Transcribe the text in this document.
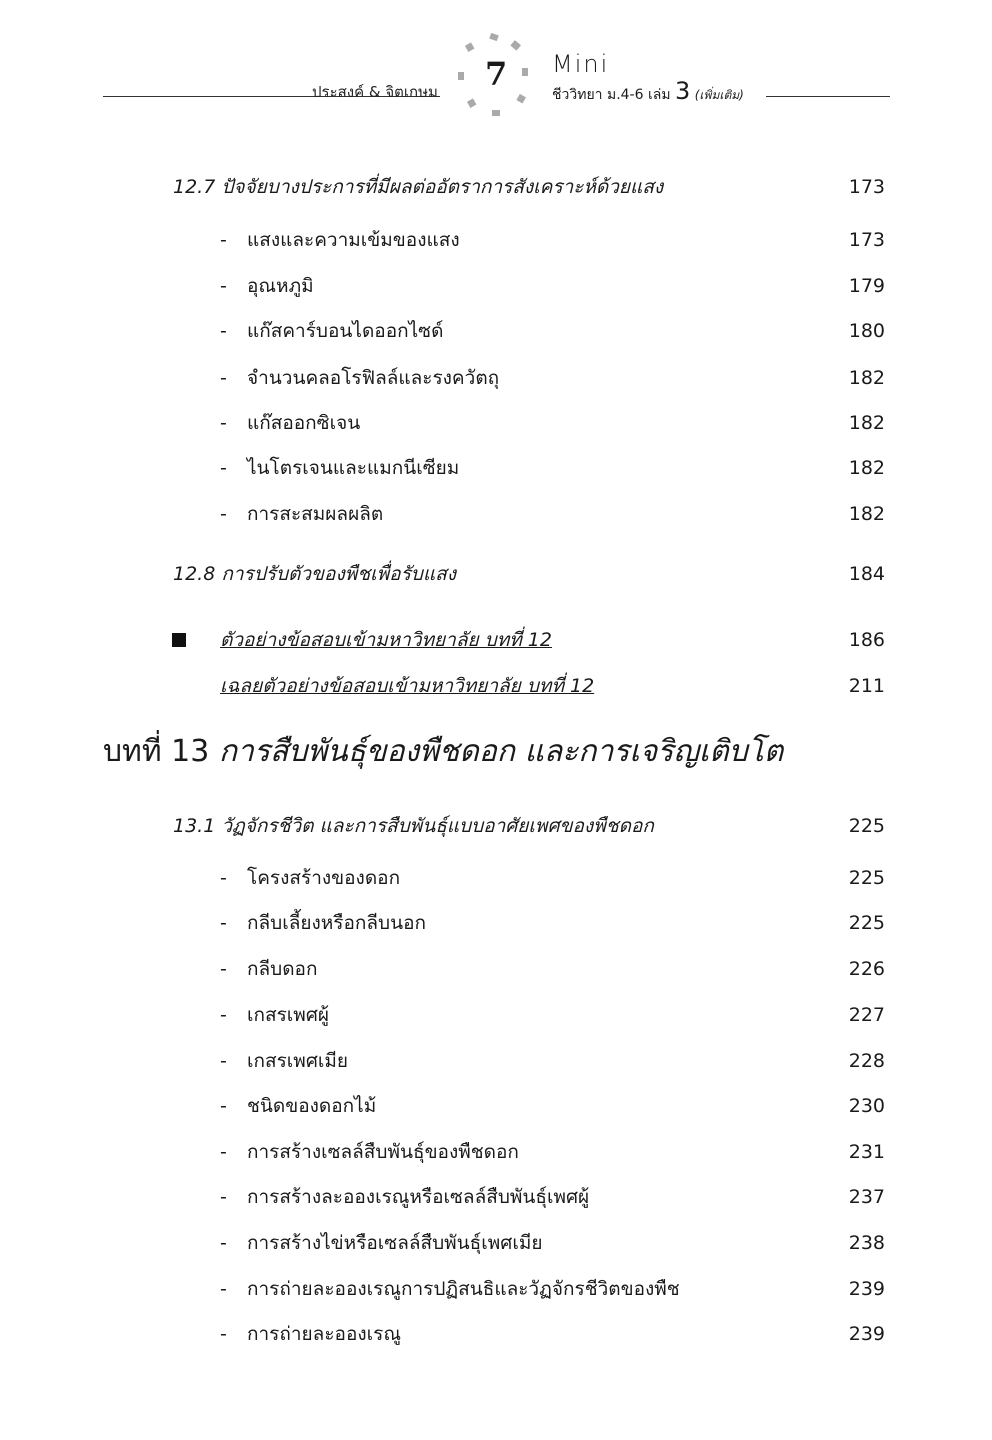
ประสงค์ & จิตเกษม 7 Mini
ชีววิทยา ม.4-6 เล่ม 3 (เพิ่มเติม)
12.7 ปัจจัยบางประการที่มีผลต่ออัตราการสังเคราะห์ด้วยแสง	173
- แสงและความเข้มของแสง	173
- อุณหภูมิ	179
- แก๊สคาร์บอนไดออกไซด์	180
- จำนวนคลอโรฟิลล์และรงควัตถุ	182
- แก๊สออกซิเจน	182
- ไนโตรเจนและแมกนีเซียม	182
- การสะสมผลผลิต	182
12.8 การปรับตัวของพืชเพื่อรับแสง	184
ตัวอย่างข้อสอบเข้ามหาวิทยาลัย บทที่ 12	186
เฉลยตัวอย่างข้อสอบเข้ามหาวิทยาลัย บทที่ 12	211
บทที่ 13 การสืบพันธุ์ของพืชดอก และการเจริญเติบโต
13.1 วัฏจักรชีวิต และการสืบพันธุ์แบบอาศัยเพศของพืชดอก	225
- โครงสร้างของดอก	225
- กลีบเลี้ยงหรือกลีบนอก	225
- กลีบดอก	226
- เกสรเพศผู้	227
- เกสรเพศเมีย	228
- ชนิดของดอกไม้	230
- การสร้างเซลล์สืบพันธุ์ของพืชดอก	231
- การสร้างละอองเรณูหรือเซลล์สืบพันธุ์เพศผู้	237
- การสร้างไข่หรือเซลล์สืบพันธุ์เพศเมีย	238
- การถ่ายละอองเรณูการปฏิสนธิและวัฏจักรชีวิตของพืช	239
- การถ่ายละอองเรณู	239
